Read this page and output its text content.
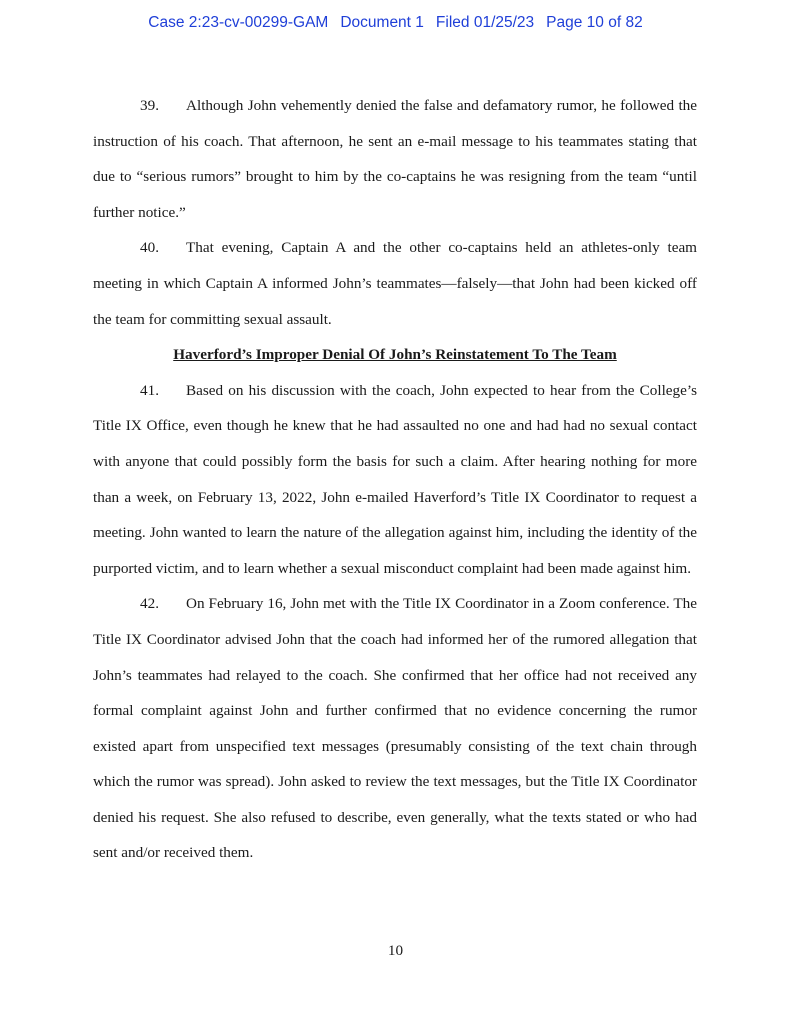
Case 2:23-cv-00299-GAM Document 1 Filed 01/25/23 Page 10 of 82

39. Although John vehemently denied the false and defamatory rumor, he followed the instruction of his coach. That afternoon, he sent an e-mail message to his teammates stating that due to “serious rumors” brought to him by the co-captains he was resigning from the team “until further notice.”

40. That evening, Captain A and the other co-captains held an athletes-only team meeting in which Captain A informed John’s teammates—falsely—that John had been kicked off the team for committing sexual assault.

Haverford’s Improper Denial Of John’s Reinstatement To The Team

41. Based on his discussion with the coach, John expected to hear from the College’s Title IX Office, even though he knew that he had assaulted no one and had had no sexual contact with anyone that could possibly form the basis for such a claim. After hearing nothing for more than a week, on February 13, 2022, John e-mailed Haverford’s Title IX Coordinator to request a meeting. John wanted to learn the nature of the allegation against him, including the identity of the purported victim, and to learn whether a sexual misconduct complaint had been made against him.

42. On February 16, John met with the Title IX Coordinator in a Zoom conference. The Title IX Coordinator advised John that the coach had informed her of the rumored allegation that John’s teammates had relayed to the coach. She confirmed that her office had not received any formal complaint against John and further confirmed that no evidence concerning the rumor existed apart from unspecified text messages (presumably consisting of the text chain through which the rumor was spread). John asked to review the text messages, but the Title IX Coordinator denied his request. She also refused to describe, even generally, what the texts stated or who had sent and/or received them.

10
